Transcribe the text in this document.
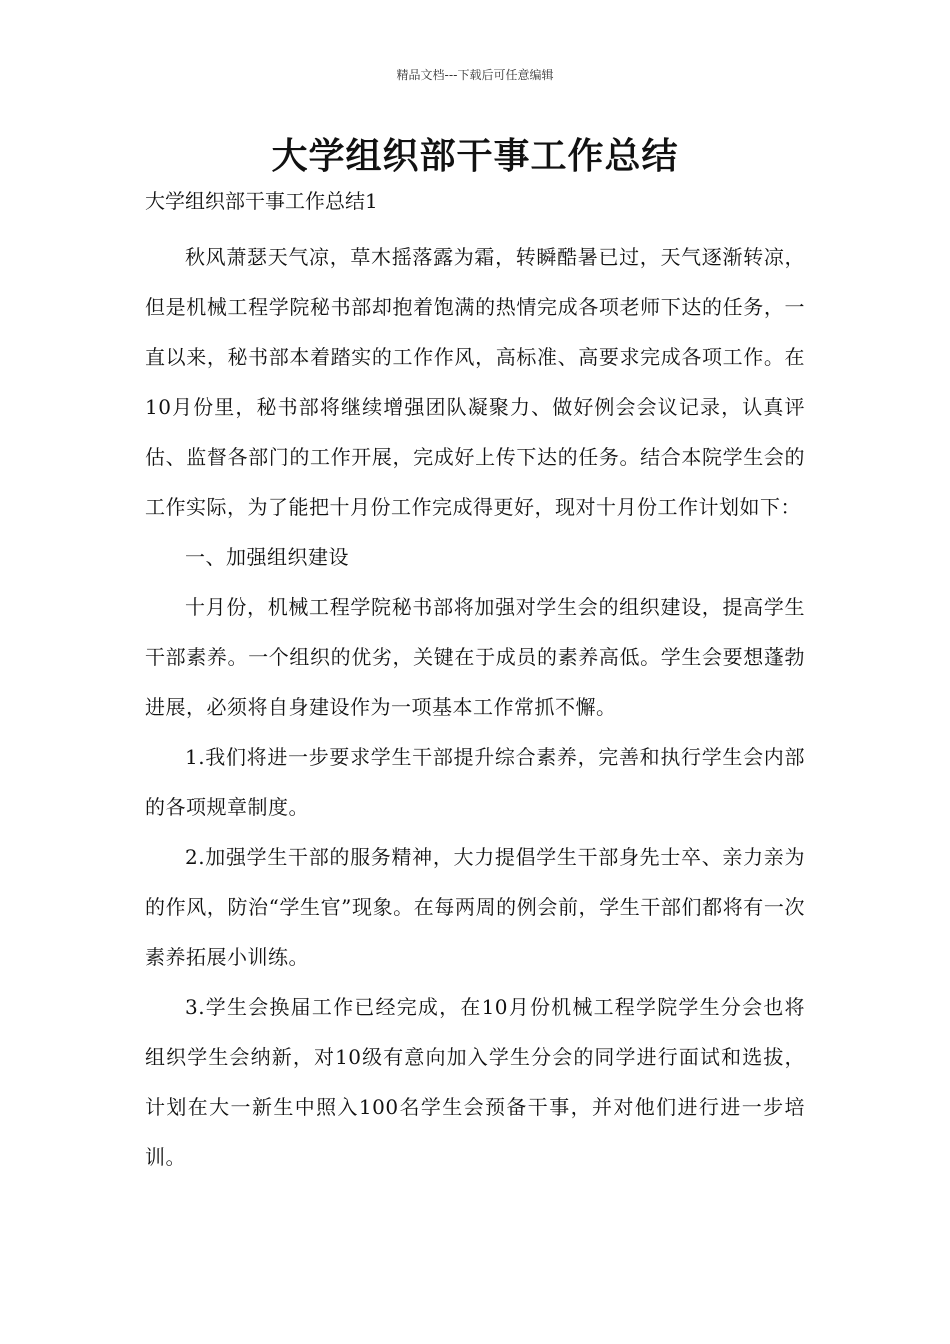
精品文档---下载后可任意编辑
大学组织部干事工作总结

大学组织部干事工作总结1

秋风萧瑟天气凉，草木摇落露为霜，转瞬酷暑已过，天气逐渐转凉，但是机械工程学院秘书部却抱着饱满的热情完成各项老师下达的任务，一直以来，秘书部本着踏实的工作作风，高标准、高要求完成各项工作。在10月份里，秘书部将继续增强团队凝聚力、做好例会会议记录，认真评估、监督各部门的工作开展，完成好上传下达的任务。结合本院学生会的工作实际，为了能把十月份工作完成得更好，现对十月份工作计划如下：

一、加强组织建设

十月份，机械工程学院秘书部将加强对学生会的组织建设，提高学生干部素养。一个组织的优劣，关键在于成员的素养高低。学生会要想蓬勃进展，必须将自身建设作为一项基本工作常抓不懈。

1.我们将进一步要求学生干部提升综合素养，完善和执行学生会内部的各项规章制度。

2.加强学生干部的服务精神，大力提倡学生干部身先士卒、亲力亲为的作风，防治“学生官”现象。在每两周的例会前，学生干部们都将有一次素养拓展小训练。

3.学生会换届工作已经完成，在10月份机械工程学院学生分会也将组织学生会纳新，对10级有意向加入学生分会的同学进行面试和选拔，计划在大一新生中照入100名学生会预备干事，并对他们进行进一步培训。
